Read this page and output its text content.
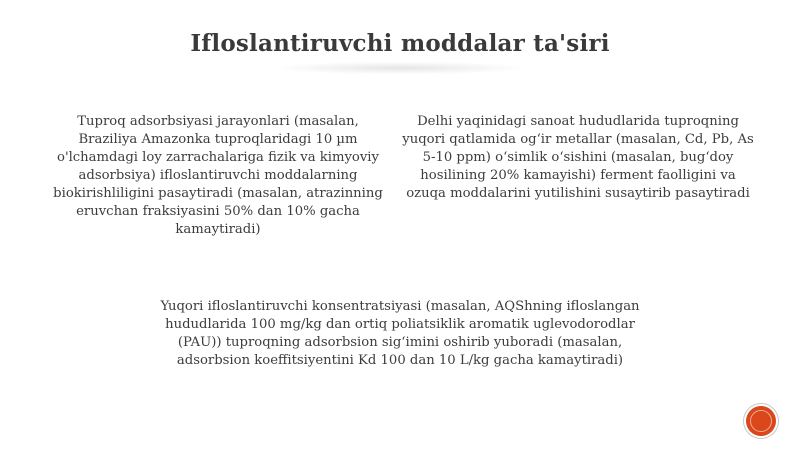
Ifloslantiruvchi moddalar ta'siri
Tuproq adsorbsiyasi jarayonlari (masalan, Braziliya Amazonka tuproqlaridagi 10 µm o'lchamdagi loy zarrachalariga fizik va kimyoviy adsorbsiya) ifloslantiruvchi moddalarning biokirishliligini pasaytiradi (masalan, atrazinning eruvchan fraksiyasini 50% dan 10% gacha kamaytiradi)
Delhi yaqinidagi sanoat hududlarida tuproqning yuqori qatlamida og‘ir metallar (masalan, Cd, Pb, As 5-10 ppm) o‘simlik o‘sishini (masalan, bug‘doy hosilining 20% kamayishi) ferment faolligini va ozuqa moddalarini yutilishini susaytirib pasaytiradi
Yuqori ifloslantiruvchi konsentratsiyasi (masalan, AQShning ifloslangan hududlarida 100 mg/kg dan ortiq poliatsiklik aromatik uglevodorodlar (PAU)) tuproqning adsorbsion sig‘imini oshirib yuboradi (masalan, adsorbsion koeffitsiyentini Kd 100 dan 10 L/kg gacha kamaytiradi)
